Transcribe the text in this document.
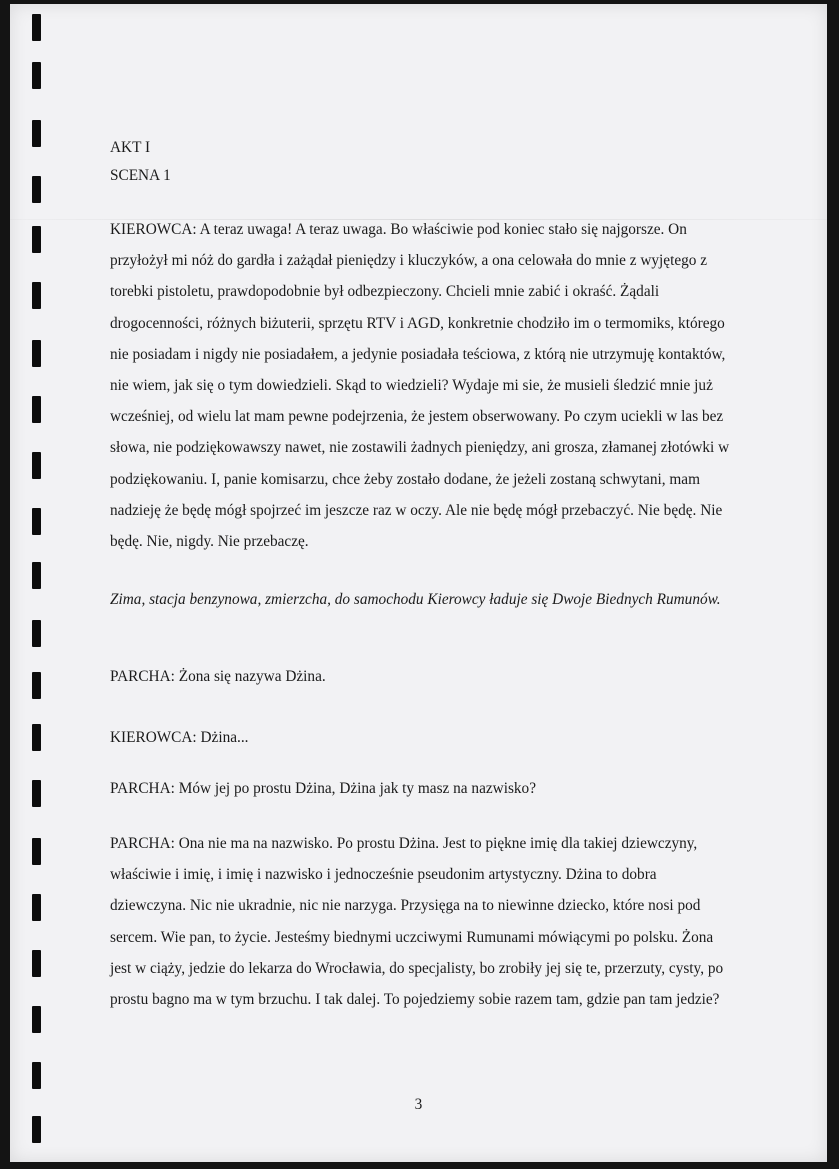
AKT I

SCENA 1

KIEROWCA: A teraz uwaga! A teraz uwaga. Bo właściwie pod koniec stało się najgorsze. On przyłożył mi nóż do gardła i zażądał pieniędzy i kluczyków, a ona celowała do mnie z wyjętego z torebki pistoletu, prawdopodobnie był odbezpieczony. Chcieli mnie zabić i okraść. Żądali drogocenności, różnych biżuterii, sprzętu RTV i AGD, konkretnie chodziło im o termomiks, którego nie posiadam i nigdy nie posiadałem, a jedynie posiadała teściowa, z którą nie utrzymuję kontaktów, nie wiem, jak się o tym dowiedzieli. Skąd to wiedzieli? Wydaje mi sie, że musieli śledzić mnie już wcześniej, od wielu lat mam pewne podejrzenia, że jestem obserwowany. Po czym uciekli w las bez słowa, nie podziękowawszy nawet, nie zostawili żadnych pieniędzy, ani grosza, złamanej złotówki w podziękowaniu. I, panie komisarzu, chce żeby zostało dodane, że jeżeli zostaną schwytani, mam nadzieję że będę mógł spojrzeć im jeszcze raz w oczy. Ale nie będę mógł przebaczyć. Nie będę. Nie będę. Nie, nigdy. Nie przebaczę.

Zima, stacja benzynowa, zmierzcha, do samochodu Kierowcy ładuje się Dwoje Biednych Rumunów.

PARCHA: Żona się nazywa Dżina.

KIEROWCA: Dżina...

PARCHA: Mów jej po prostu Dżina, Dżina jak ty masz na nazwisko?

PARCHA: Ona nie ma na nazwisko. Po prostu Dżina. Jest to piękne imię dla takiej dziewczyny, właściwie i imię, i imię i nazwisko i jednocześnie pseudonim artystyczny. Dżina to dobra dziewczyna. Nic nie ukradnie, nic nie narzyga. Przysięga na to niewinne dziecko, które nosi pod sercem. Wie pan, to życie. Jesteśmy biednymi uczciwymi Rumunami mówiącymi po polsku. Żona jest w ciąży, jedzie do lekarza do Wrocławia, do specjalisty, bo zrobiły jej się te, przerzuty, cysty, po prostu bagno ma w tym brzuchu. I tak dalej. To pojedziemy sobie razem tam, gdzie pan tam jedzie?

3
